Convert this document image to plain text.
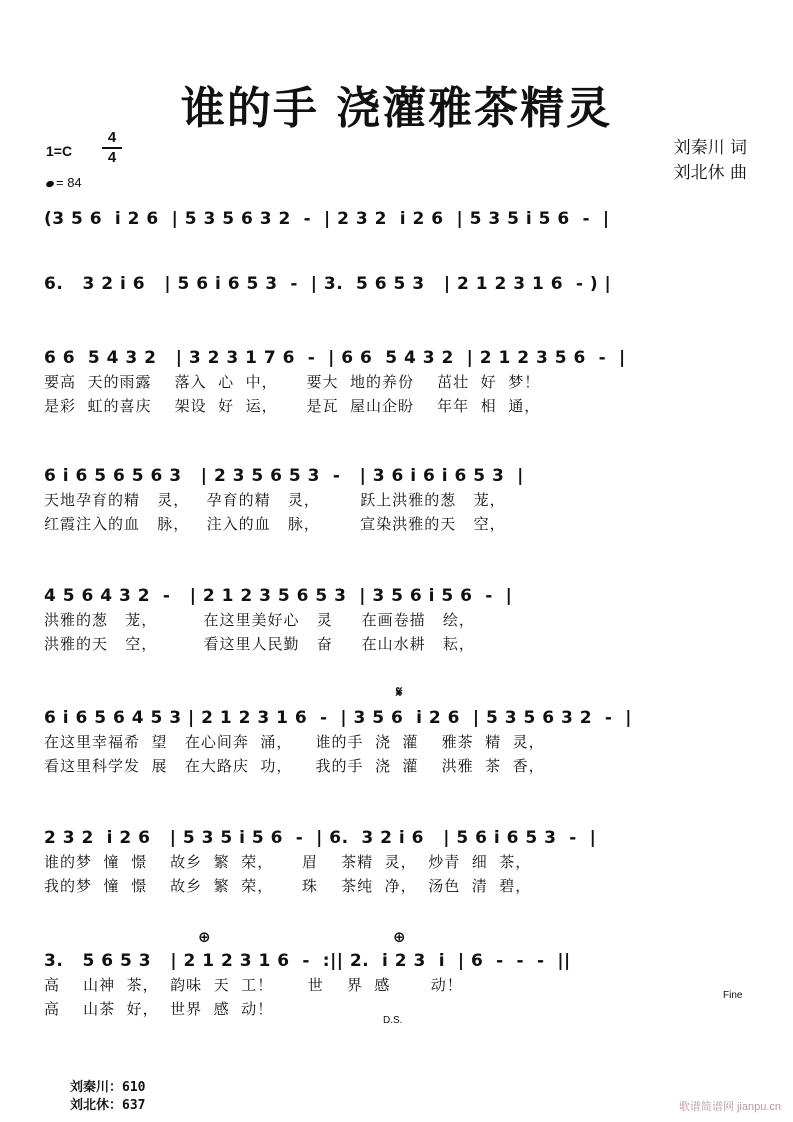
谁的手 浇灌雅茶精灵
1=C
4
4
= 84
刘秦川 词
刘北休 曲
(3 5 6  i 2 6  | 5 3 5 6 3 2  -  | 2 3 2  i 2 6  | 5 3 5 i 5 6  -  |
6.   3 2 i 6   | 5 6 i 6 5 3  -  | 3.  5 6 5 3   | 2 1 2 3 1 6  - ) |
6 6  5 4 3 2   | 3 2 3 1 7 6  -  | 6 6  5 4 3 2  | 2 1 2 3 5 6  -  |
要高  天的雨露    落入  心  中，     要大  地的养份    茁壮  好  梦！
是彩  虹的喜庆    架设  好  运，     是瓦  屋山企盼    年年  相  通，
6 i 6 5 6 5 6 3   | 2 3 5 6 5 3  -   | 3 6 i 6 i 6 5 3  |
天地孕育的精   灵，   孕育的精   灵，       跃上洪雅的葱   茏，
红霞注入的血   脉，   注入的血   脉，       宣染洪雅的天   空，
4 5 6 4 3 2  -   | 2 1 2 3 5 6 5 3  | 3 5 6 i 5 6  -  |
洪雅的葱   茏，        在这里美好心   灵     在画卷描   绘，
洪雅的天   空，        看这里人民勤   奋     在山水耕   耘，
6 i 6 5 6 4 5 3 | 2 1 2 3 1 6  -  | 3 5 6  i 2 6  | 5 3 5 6 3 2  -  |
在这里幸福希  望   在心间奔  涌，    谁的手  浇  灌    雅茶  精  灵，
看这里科学发  展   在大路庆  功，    我的手  浇  灌    洪雅  茶  香，
𝄋
2 3 2  i 2 6   | 5 3 5 i 5 6  -  | 6.  3 2 i 6   | 5 6 i 6 5 3  -  |
谁的梦  憧  憬    故乡  繁  荣，     眉    茶精  灵，  炒青  细  茶，
我的梦  憧  憬    故乡  繁  荣，     珠    茶纯  净，  汤色  清  碧，
3.   5 6 5 3   | 2 1 2 3 1 6  -  :|| 2.  i 2 3  i  | 6  -  -  -  ||
高    山神  茶，  韵味  天  工！      世    界  感       动！
高    山茶  好，  世界  感  动！
⊕	⊕
Fine
D.S.
刘秦川：610
刘北休：637	歌谱简谱网 jianpu.cn
